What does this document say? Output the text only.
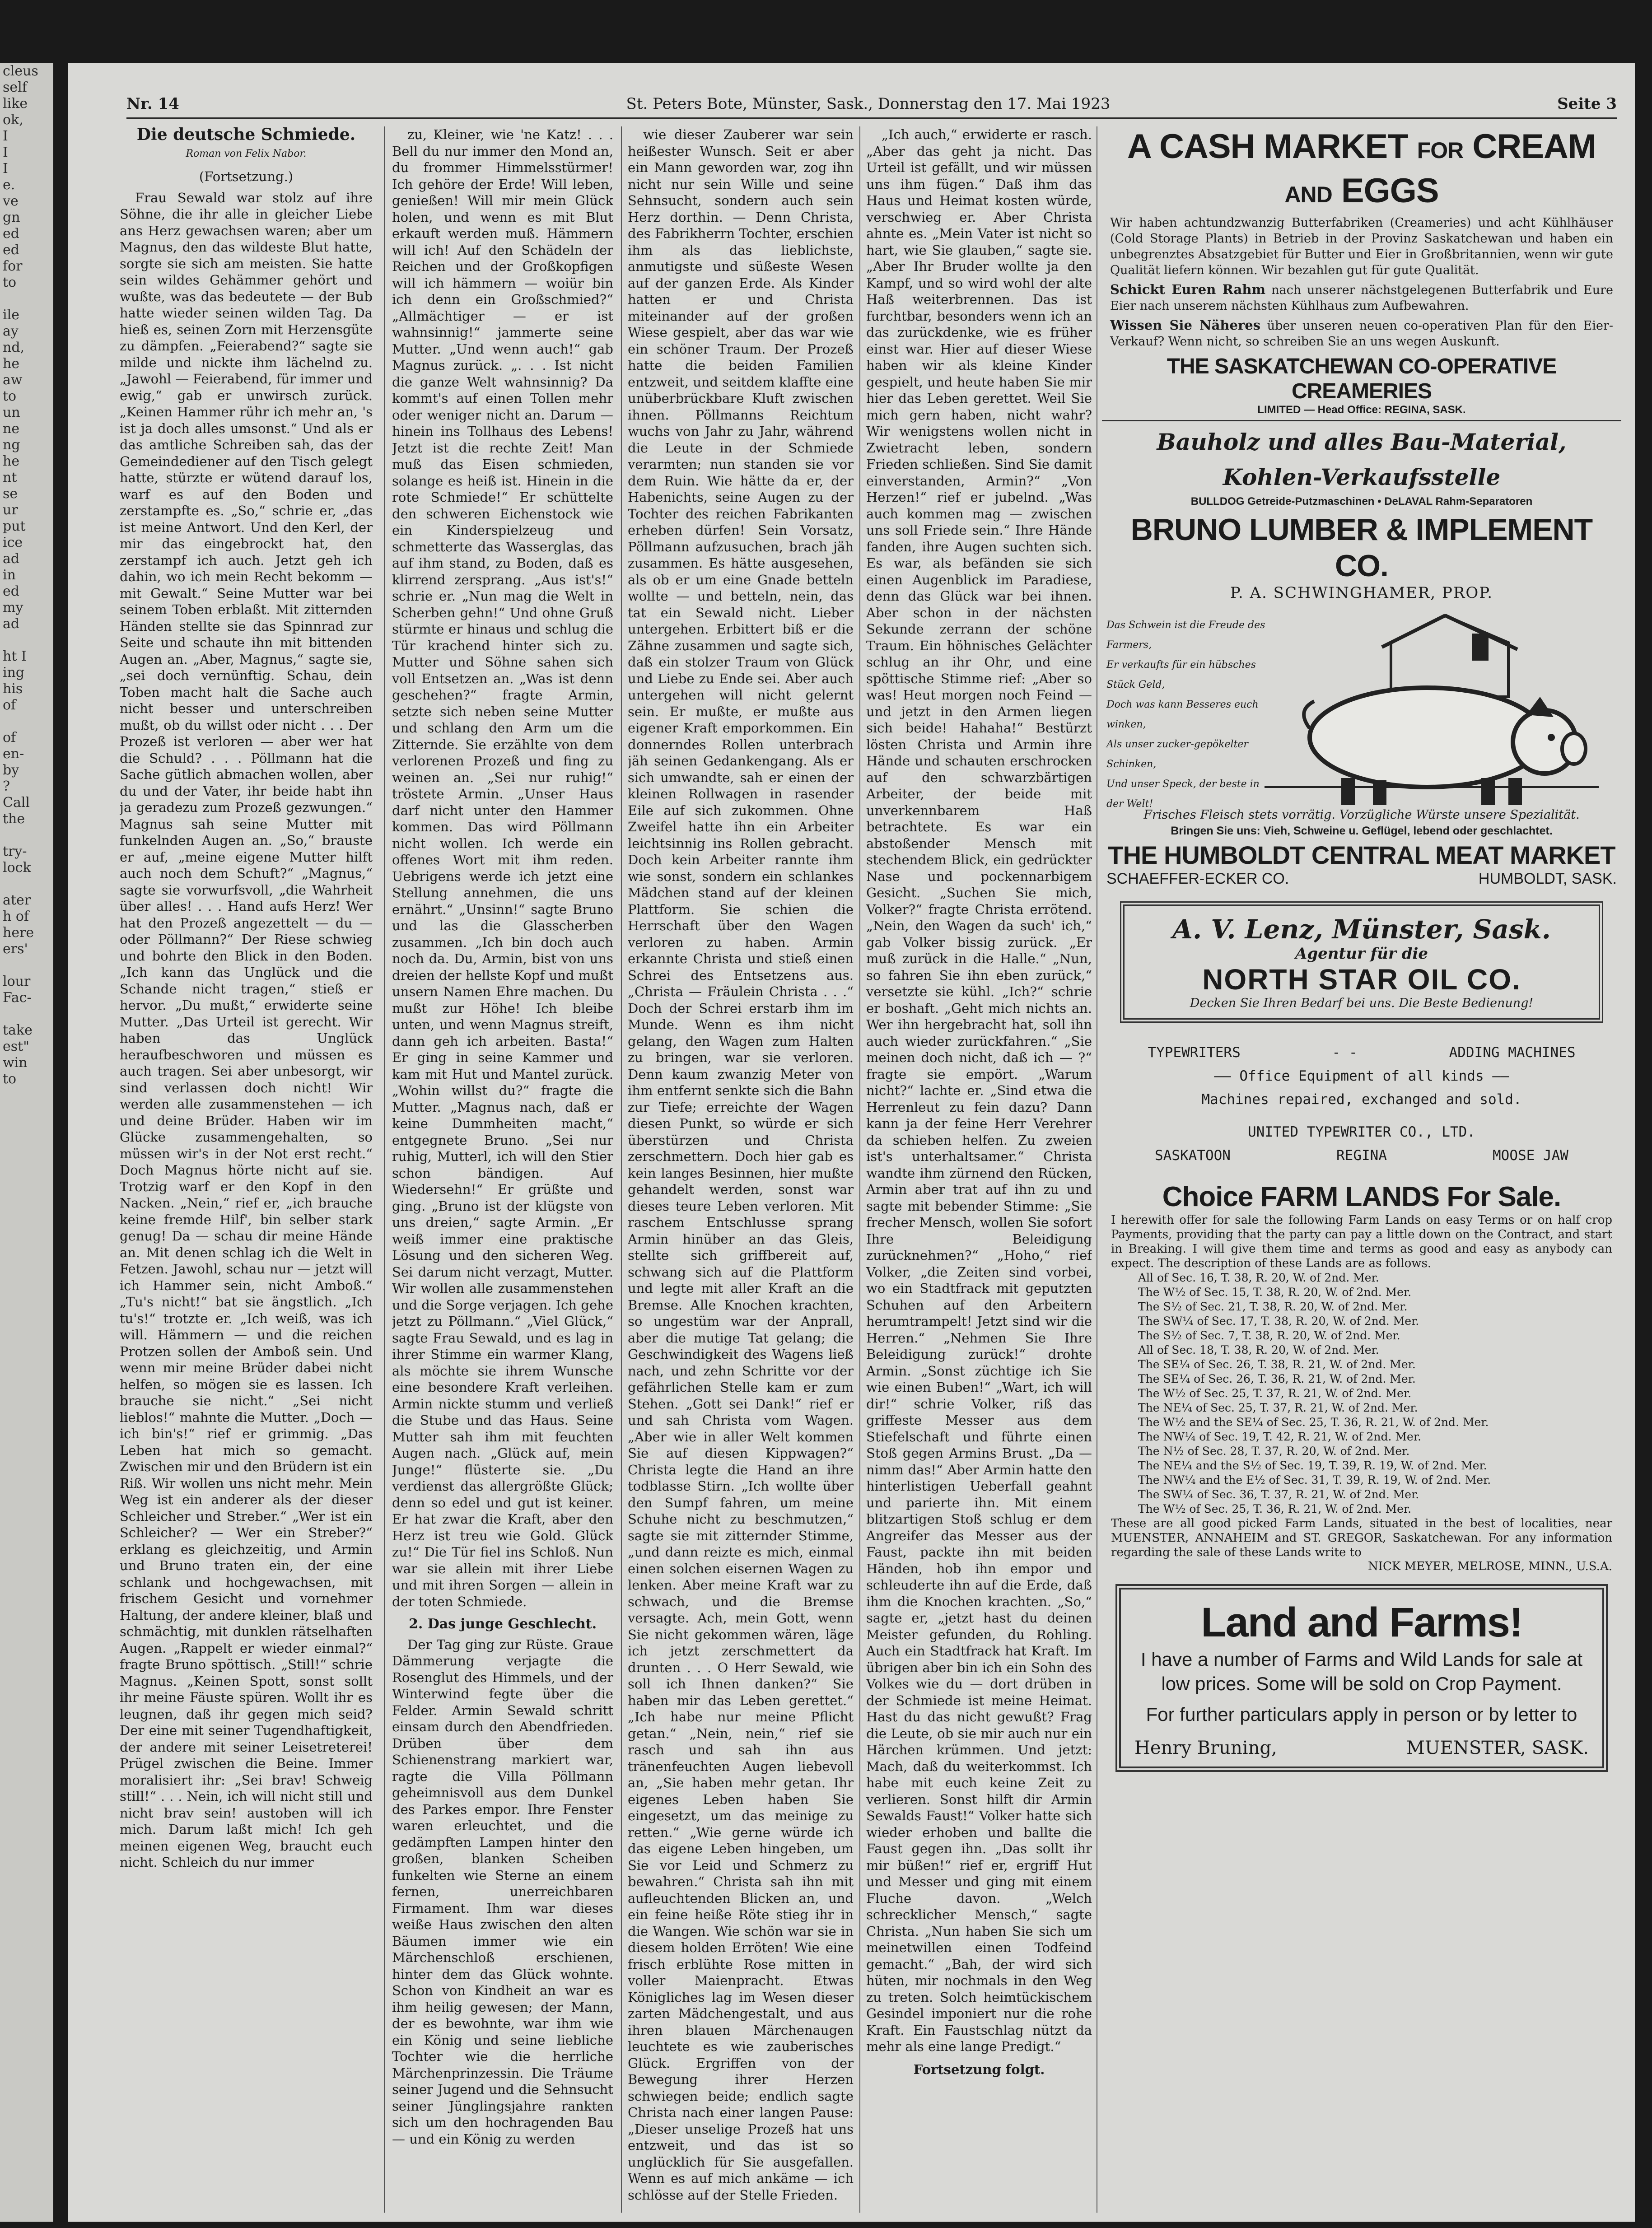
cleus
self
like
ok,
I
I
I
e.
ve
gn
ed
ed
for
to

ile
ay
nd,
he
aw
to
un
ne
ng
he
nt
se
ur
put
ice
ad
in
ed
my
ad

ht I
ing
his
of

of
en-
by
?
Call
the

try-
lock

ater
h of
here
ers'

lour
Fac-

take
est"
win
to
Nr. 14	St. Peters Bote, Münster, Sask., Donnerstag den 17. Mai 1923	Seite 3
Die deutsche Schmiede.
Roman von Felix Nabor.
(Fortsetzung.)

Frau Sewald war stolz auf ihre Söhne, die ihr alle in gleicher Liebe ans Herz gewachsen waren; aber um Magnus, den das wildeste Blut hatte, sorgte sie sich am meisten. Sie hatte sein wildes Gehämmer gehört und wußte, was das bedeutete — der Bub hatte wieder seinen wilden Tag. Da hieß es, seinen Zorn mit Herzensgüte zu dämpfen. „Feierabend?“ sagte sie milde und nickte ihm lächelnd zu. „Jawohl — Feierabend, für immer und ewig,“ gab er unwirsch zurück. „Keinen Hammer rühr ich mehr an, 's ist ja doch alles umsonst.“ Und als er das amtliche Schreiben sah, das der Gemeindediener auf den Tisch gelegt hatte, stürzte er wütend darauf los, warf es auf den Boden und zerstampfte es. „So,“ schrie er, „das ist meine Antwort. Und den Kerl, der mir das eingebrockt hat, den zerstampf ich auch. Jetzt geh ich dahin, wo ich mein Recht bekomm — mit Gewalt.“ Seine Mutter war bei seinem Toben erblaßt. Mit zitternden Händen stellte sie das Spinnrad zur Seite und schaute ihn mit bittenden Augen an. „Aber, Magnus,“ sagte sie, „sei doch vernünftig. Schau, dein Toben macht halt die Sache auch nicht besser und unterschreiben mußt, ob du willst oder nicht . . . Der Prozeß ist verloren — aber wer hat die Schuld? . . . Pöllmann hat die Sache gütlich abmachen wollen, aber du und der Vater, ihr beide habt ihn ja geradezu zum Prozeß gezwungen.“ Magnus sah seine Mutter mit funkelnden Augen an. „So,“ brauste er auf, „meine eigene Mutter hilft auch noch dem Schuft?“ „Magnus,“ sagte sie vorwurfsvoll, „die Wahrheit über alles! . . . Hand aufs Herz! Wer hat den Prozeß angezettelt — du — oder Pöllmann?“ Der Riese schwieg und bohrte den Blick in den Boden. „Ich kann das Unglück und die Schande nicht tragen,“ stieß er hervor. „Du mußt,“ erwiderte seine Mutter. „Das Urteil ist gerecht. Wir haben das Unglück heraufbeschworen und müssen es auch tragen. Sei aber unbesorgt, wir sind verlassen doch nicht! Wir werden alle zusammenstehen — ich und deine Brüder. Haben wir im Glücke zusammengehalten, so müssen wir's in der Not erst recht.“ Doch Magnus hörte nicht auf sie. Trotzig warf er den Kopf in den Nacken. „Nein,“ rief er, „ich brauche keine fremde Hilf', bin selber stark genug! Da — schau dir meine Hände an. Mit denen schlag ich die Welt in Fetzen. Jawohl, schau nur — jetzt will ich Hammer sein, nicht Amboß.“ „Tu's nicht!“ bat sie ängstlich. „Ich tu's!“ trotzte er. „Ich weiß, was ich will. Hämmern — und die reichen Protzen sollen der Amboß sein. Und wenn mir meine Brüder dabei nicht helfen, so mögen sie es lassen. Ich brauche sie nicht.“ „Sei nicht lieblos!“ mahnte die Mutter. „Doch — ich bin's!“ rief er grimmig. „Das Leben hat mich so gemacht. Zwischen mir und den Brüdern ist ein Riß. Wir wollen uns nicht mehr. Mein Weg ist ein anderer als der dieser Schleicher und Streber.“ „Wer ist ein Schleicher? — Wer ein Streber?“ erklang es gleichzeitig, und Armin und Bruno traten ein, der eine schlank und hochgewachsen, mit frischem Gesicht und vornehmer Haltung, der andere kleiner, blaß und schmächtig, mit dunklen rätselhaften Augen. „Rappelt er wieder einmal?“ fragte Bruno spöttisch. „Still!“ schrie Magnus. „Keinen Spott, sonst sollt ihr meine Fäuste spüren. Wollt ihr es leugnen, daß ihr gegen mich seid? Der eine mit seiner Tugendhaftigkeit, der andere mit seiner Leisetreterei! Prügel zwischen die Beine. Immer moralisiert ihr: „Sei brav! Schweig still!“ . . . Nein, ich will nicht still und nicht brav sein! austoben will ich mich. Darum laßt mich! Ich geh meinen eigenen Weg, braucht euch nicht. Schleich du nur immer

zu, Kleiner, wie 'ne Katz! . . . Bell du nur immer den Mond an, du frommer Himmelsstürmer! Ich gehöre der Erde! Will leben, genießen! Will mir mein Glück holen, und wenn es mit Blut erkauft werden muß. Hämmern will ich! Auf den Schädeln der Reichen und der Großkopfigen will ich hämmern — woiür bin ich denn ein Großschmied?“ „Allmächtiger — er ist wahnsinnig!“ jammerte seine Mutter. „Und wenn auch!“ gab Magnus zurück. „. . . Ist nicht die ganze Welt wahnsinnig? Da kommt's auf einen Tollen mehr oder weniger nicht an. Darum — hinein ins Tollhaus des Lebens! Jetzt ist die rechte Zeit! Man muß das Eisen schmieden, solange es heiß ist. Hinein in die rote Schmiede!“ Er schüttelte den schweren Eichenstock wie ein Kinderspielzeug und schmetterte das Wasserglas, das auf ihm stand, zu Boden, daß es klirrend zersprang. „Aus ist's!“ schrie er. „Nun mag die Welt in Scherben gehn!“ Und ohne Gruß stürmte er hinaus und schlug die Tür krachend hinter sich zu. Mutter und Söhne sahen sich voll Entsetzen an. „Was ist denn geschehen?“ fragte Armin, setzte sich neben seine Mutter und schlang den Arm um die Zitternde. Sie erzählte von dem verlorenen Prozeß und fing zu weinen an. „Sei nur ruhig!“ tröstete Armin. „Unser Haus darf nicht unter den Hammer kommen. Das wird Pöllmann nicht wollen. Ich werde ein offenes Wort mit ihm reden. Uebrigens werde ich jetzt eine Stellung annehmen, die uns ernährt.“ „Unsinn!“ sagte Bruno und las die Glasscherben zusammen. „Ich bin doch auch noch da. Du, Armin, bist von uns dreien der hellste Kopf und mußt unsern Namen Ehre machen. Du mußt zur Höhe! Ich bleibe unten, und wenn Magnus streift, dann geh ich arbeiten. Basta!“ Er ging in seine Kammer und kam mit Hut und Mantel zurück. „Wohin willst du?“ fragte die Mutter. „Magnus nach, daß er keine Dummheiten macht,“ entgegnete Bruno. „Sei nur ruhig, Mutterl, ich will den Stier schon bändigen. Auf Wiedersehn!“ Er grüßte und ging. „Bruno ist der klügste von uns dreien,“ sagte Armin. „Er weiß immer eine praktische Lösung und den sicheren Weg. Sei darum nicht verzagt, Mutter. Wir wollen alle zusammenstehen und die Sorge verjagen. Ich gehe jetzt zu Pöllmann.“ „Viel Glück,“ sagte Frau Sewald, und es lag in ihrer Stimme ein warmer Klang, als möchte sie ihrem Wunsche eine besondere Kraft verleihen. Armin nickte stumm und verließ die Stube und das Haus. Seine Mutter sah ihm mit feuchten Augen nach. „Glück auf, mein Junge!“ flüsterte sie. „Du verdienst das allergrößte Glück; denn so edel und gut ist keiner. Er hat zwar die Kraft, aber den Herz ist treu wie Gold. Glück zu!“ Die Tür fiel ins Schloß. Nun war sie allein mit ihrer Liebe und mit ihren Sorgen — allein in der toten Schmiede.

2. Das junge Geschlecht.

Der Tag ging zur Rüste. Graue Dämmerung verjagte die Rosenglut des Himmels, und der Winterwind fegte über die Felder. Armin Sewald schritt einsam durch den Abendfrieden. Drüben über dem Schienenstrang markiert war, ragte die Villa Pöllmann geheimnisvoll aus dem Dunkel des Parkes empor. Ihre Fenster waren erleuchtet, und die gedämpften Lampen hinter den großen, blanken Scheiben funkelten wie Sterne an einem fernen, unerreichbaren Firmament. Ihm war dieses weiße Haus zwischen den alten Bäumen immer wie ein Märchenschloß erschienen, hinter dem das Glück wohnte. Schon von Kindheit an war es ihm heilig gewesen; der Mann, der es bewohnte, war ihm wie ein König und seine liebliche Tochter wie die herrliche Märchenprinzessin. Die Träume seiner Jugend und die Sehnsucht seiner Jünglingsjahre rankten sich um den hochragenden Bau — und ein König zu werden

wie dieser Zauberer war sein heißester Wunsch. Seit er aber ein Mann geworden war, zog ihn nicht nur sein Wille und seine Sehnsucht, sondern auch sein Herz dorthin. — Denn Christa, des Fabrikherrn Tochter, erschien ihm als das lieblichste, anmutigste und süßeste Wesen auf der ganzen Erde. Als Kinder hatten er und Christa miteinander auf der großen Wiese gespielt, aber das war wie ein schöner Traum. Der Prozeß hatte die beiden Familien entzweit, und seitdem klaffte eine unüberbrückbare Kluft zwischen ihnen. Pöllmanns Reichtum wuchs von Jahr zu Jahr, während die Leute in der Schmiede verarmten; nun standen sie vor dem Ruin. Wie hätte da er, der Habenichts, seine Augen zu der Tochter des reichen Fabrikanten erheben dürfen! Sein Vorsatz, Pöllmann aufzusuchen, brach jäh zusammen. Es hätte ausgesehen, als ob er um eine Gnade betteln wollte — und betteln, nein, das tat ein Sewald nicht. Lieber untergehen. Erbittert biß er die Zähne zusammen und sagte sich, daß ein stolzer Traum von Glück und Liebe zu Ende sei. Aber auch untergehen will nicht gelernt sein. Er mußte, er mußte aus eigener Kraft emporkommen. Ein donnerndes Rollen unterbrach jäh seinen Gedankengang. Als er sich umwandte, sah er einen der kleinen Rollwagen in rasender Eile auf sich zukommen. Ohne Zweifel hatte ihn ein Arbeiter leichtsinnig ins Rollen gebracht. Doch kein Arbeiter rannte ihm wie sonst, sondern ein schlankes Mädchen stand auf der kleinen Plattform. Sie schien die Herrschaft über den Wagen verloren zu haben. Armin erkannte Christa und stieß einen Schrei des Entsetzens aus. „Christa — Fräulein Christa . . .“ Doch der Schrei erstarb ihm im Munde. Wenn es ihm nicht gelang, den Wagen zum Halten zu bringen, war sie verloren. Denn kaum zwanzig Meter von ihm entfernt senkte sich die Bahn zur Tiefe; erreichte der Wagen diesen Punkt, so würde er sich überstürzen und Christa zerschmettern. Doch hier gab es kein langes Besinnen, hier mußte gehandelt werden, sonst war dieses teure Leben verloren. Mit raschem Entschlusse sprang Armin hinüber an das Gleis, stellte sich griffbereit auf, schwang sich auf die Plattform und legte mit aller Kraft an die Bremse. Alle Knochen krachten, so ungestüm war der Anprall, aber die mutige Tat gelang; die Geschwindigkeit des Wagens ließ nach, und zehn Schritte vor der gefährlichen Stelle kam er zum Stehen. „Gott sei Dank!“ rief er und sah Christa vom Wagen. „Aber wie in aller Welt kommen Sie auf diesen Kippwagen?“ Christa legte die Hand an ihre todblasse Stirn. „Ich wollte über den Sumpf fahren, um meine Schuhe nicht zu beschmutzen,“ sagte sie mit zitternder Stimme, „und dann reizte es mich, einmal einen solchen eisernen Wagen zu lenken. Aber meine Kraft war zu schwach, und die Bremse versagte. Ach, mein Gott, wenn Sie nicht gekommen wären, läge ich jetzt zerschmettert da drunten . . . O Herr Sewald, wie soll ich Ihnen danken?“ Sie haben mir das Leben gerettet.“ „Ich habe nur meine Pflicht getan.“ „Nein, nein,“ rief sie rasch und sah ihn aus tränenfeuchten Augen liebevoll an, „Sie haben mehr getan. Ihr eigenes Leben haben Sie eingesetzt, um das meinige zu retten.“ „Wie gerne würde ich das eigene Leben hingeben, um Sie vor Leid und Schmerz zu bewahren.“ Christa sah ihn mit aufleuchtenden Blicken an, und ein feine heiße Röte stieg ihr in die Wangen. Wie schön war sie in diesem holden Erröten! Wie eine frisch erblühte Rose mitten in voller Maienpracht. Etwas Königliches lag im Wesen dieser zarten Mädchengestalt, und aus ihren blauen Märchenaugen leuchtete es wie zauberisches Glück. Ergriffen von der Bewegung ihrer Herzen schwiegen beide; endlich sagte Christa nach einer langen Pause: „Dieser unselige Prozeß hat uns entzweit, und das ist so unglücklich für Sie ausgefallen. Wenn es auf mich ankäme — ich schlösse auf der Stelle Frieden.

„Ich auch,“ erwiderte er rasch. „Aber das geht ja nicht. Das Urteil ist gefällt, und wir müssen uns ihm fügen.“ Daß ihm das Haus und Heimat kosten würde, verschwieg er. Aber Christa ahnte es. „Mein Vater ist nicht so hart, wie Sie glauben,“ sagte sie. „Aber Ihr Bruder wollte ja den Kampf, und so wird wohl der alte Haß weiterbrennen. Das ist furchtbar, besonders wenn ich an das zurückdenke, wie es früher einst war. Hier auf dieser Wiese haben wir als kleine Kinder gespielt, und heute haben Sie mir hier das Leben gerettet. Weil Sie mich gern haben, nicht wahr? Wir wenigstens wollen nicht in Zwietracht leben, sondern Frieden schließen. Sind Sie damit einverstanden, Armin?“ „Von Herzen!“ rief er jubelnd. „Was auch kommen mag — zwischen uns soll Friede sein.“ Ihre Hände fanden, ihre Augen suchten sich. Es war, als befänden sie sich einen Augenblick im Paradiese, denn das Glück war bei ihnen. Aber schon in der nächsten Sekunde zerrann der schöne Traum. Ein höhnisches Gelächter schlug an ihr Ohr, und eine spöttische Stimme rief: „Aber so was! Heut morgen noch Feind — und jetzt in den Armen liegen sich beide! Hahaha!“ Bestürzt lösten Christa und Armin ihre Hände und schauten erschrocken auf den schwarzbärtigen Arbeiter, der beide mit unverkennbarem Haß betrachtete. Es war ein abstoßender Mensch mit stechendem Blick, ein gedrückter Nase und pockennarbigem Gesicht. „Suchen Sie mich, Volker?“ fragte Christa errötend. „Nein, den Wagen da such' ich,“ gab Volker bissig zurück. „Er muß zurück in die Halle.“ „Nun, so fahren Sie ihn eben zurück,“ versetzte sie kühl. „Ich?“ schrie er boshaft. „Geht mich nichts an. Wer ihn hergebracht hat, soll ihn auch wieder zurückfahren.“ „Sie meinen doch nicht, daß ich — ?“ fragte sie empört. „Warum nicht?“ lachte er. „Sind etwa die Herrenleut zu fein dazu? Dann kann ja der feine Herr Verehrer da schieben helfen. Zu zweien ist's unterhaltsamer.“ Christa wandte ihm zürnend den Rücken, Armin aber trat auf ihn zu und sagte mit bebender Stimme: „Sie frecher Mensch, wollen Sie sofort Ihre Beleidigung zurücknehmen?“ „Hoho,“ rief Volker, „die Zeiten sind vorbei, wo ein Stadtfrack mit geputzten Schuhen auf den Arbeitern herumtrampelt! Jetzt sind wir die Herren.“ „Nehmen Sie Ihre Beleidigung zurück!“ drohte Armin. „Sonst züchtige ich Sie wie einen Buben!“ „Wart, ich will dir!“ schrie Volker, riß das griffeste Messer aus dem Stiefelschaft und führte einen Stoß gegen Armins Brust. „Da — nimm das!“ Aber Armin hatte den hinterlistigen Ueberfall geahnt und parierte ihn. Mit einem blitzartigen Stoß schlug er dem Angreifer das Messer aus der Faust, packte ihn mit beiden Händen, hob ihn empor und schleuderte ihn auf die Erde, daß ihm die Knochen krachten. „So,“ sagte er, „jetzt hast du deinen Meister gefunden, du Rohling. Auch ein Stadtfrack hat Kraft. Im übrigen aber bin ich ein Sohn des Volkes wie du — dort drüben in der Schmiede ist meine Heimat. Hast du das nicht gewußt? Frag die Leute, ob sie mir auch nur ein Härchen krümmen. Und jetzt: Mach, daß du weiterkommst. Ich habe mit euch keine Zeit zu verlieren. Sonst hilft dir Armin Sewalds Faust!“ Volker hatte sich wieder erhoben und ballte die Faust gegen ihn. „Das sollt ihr mir büßen!“ rief er, ergriff Hut und Messer und ging mit einem Fluche davon. „Welch schrecklicher Mensch,“ sagte Christa. „Nun haben Sie sich um meinetwillen einen Todfeind gemacht.“ „Bah, der wird sich hüten, mir nochmals in den Weg zu treten. Solch heimtückischem Gesindel imponiert nur die rohe Kraft. Ein Faustschlag nützt da mehr als eine lange Predigt.“

Fortsetzung folgt.
A CASH MARKET FOR CREAM AND EGGS
Wir haben achtundzwanzig Butterfabriken (Creameries) und acht Kühlhäuser (Cold Storage Plants) in Betrieb in der Provinz Saskatchewan und haben ein unbegrenztes Absatzgebiet für Butter und Eier in Großbritannien, wenn wir gute Qualität liefern können. Wir bezahlen gut für gute Qualität.
Schickt Euren Rahm nach unserer nächstgelegenen Butterfabrik und Eure Eier nach unserem nächsten Kühlhaus zum Aufbewahren.
Wissen Sie Näheres über unseren neuen co-operativen Plan für den Eier-Verkauf? Wenn nicht, so schreiben Sie an uns wegen Auskunft.
THE SASKATCHEWAN CO-OPERATIVE CREAMERIES
LIMITED — Head Office: REGINA, SASK.
Bauholz und alles Bau-Material,
Kohlen-Verkaufsstelle
BULLDOG Getreide-Putzmaschinen • DeLAVAL Rahm-Separatoren
BRUNO LUMBER & IMPLEMENT CO.
P. A. SCHWINGHAMER, PROP.
Das Schwein ist die Freude des Farmers,
Er verkaufts für ein hübsches Stück Geld,
Doch was kann Besseres euch winken,
Als unser zucker-gepökelter Schinken,
Und unser Speck, der beste in der Welt!
Frisches Fleisch stets vorrätig. Vorzügliche Würste unsere Spezialität.
Bringen Sie uns: Vieh, Schweine u. Geflügel, lebend oder geschlachtet.
THE HUMBOLDT CENTRAL MEAT MARKET
SCHAEFFER-ECKER CO.	HUMBOLDT, SASK.
A. V. Lenz, Münster, Sask.
Agentur für die
NORTH STAR OIL CO.
Decken Sie Ihren Bedarf bei uns. Die Beste Bedienung!
TYPEWRITERS	- -	ADDING MACHINES
—— Office Equipment of all kinds ——
Machines repaired, exchanged and sold.
UNITED TYPEWRITER CO., LTD.
SASKATOON	REGINA	MOOSE JAW
Choice FARM LANDS For Sale.
I herewith offer for sale the following Farm Lands on easy Terms or on half crop Payments, providing that the party can pay a little down on the Contract, and start in Breaking. I will give them time and terms as good and easy as anybody can expect. The description of these Lands are as follows.
All of Sec. 16, T. 38, R. 20, W. of 2nd. Mer.
The W½ of Sec. 15, T. 38, R. 20, W. of 2nd. Mer.
The S½ of Sec. 21, T. 38, R. 20, W. of 2nd. Mer.
The SW¼ of Sec. 17, T. 38, R. 20, W. of 2nd. Mer.
The S½ of Sec. 7, T. 38, R. 20, W. of 2nd. Mer.
All of Sec. 18, T. 38, R. 20, W. of 2nd. Mer.
The SE¼ of Sec. 26, T. 38, R. 21, W. of 2nd. Mer.
The SE¼ of Sec. 26, T. 36, R. 21, W. of 2nd. Mer.
The W½ of Sec. 25, T. 37, R. 21, W. of 2nd. Mer.
The NE¼ of Sec. 25, T. 37, R. 21, W. of 2nd. Mer.
The W½ and the SE¼ of Sec. 25, T. 36, R. 21, W. of 2nd. Mer.
The NW¼ of Sec. 19, T. 42, R. 21, W. of 2nd. Mer.
The N½ of Sec. 28, T. 37, R. 20, W. of 2nd. Mer.
The NE¼ and the S½ of Sec. 19, T. 39, R. 19, W. of 2nd. Mer.
The NW¼ and the E½ of Sec. 31, T. 39, R. 19, W. of 2nd. Mer.
The SW¼ of Sec. 36, T. 37, R. 21, W. of 2nd. Mer.
The W½ of Sec. 25, T. 36, R. 21, W. of 2nd. Mer.
These are all good picked Farm Lands, situated in the best of localities, near MUENSTER, ANNAHEIM and ST. GREGOR, Saskatchewan. For any information regarding the sale of these Lands write to
NICK MEYER, MELROSE, MINN., U.S.A.
Land and Farms!
I have a number of Farms and Wild Lands for sale at low prices. Some will be sold on Crop Payment.
For further particulars apply in person or by letter to
Henry Bruning,	MUENSTER, SASK.
